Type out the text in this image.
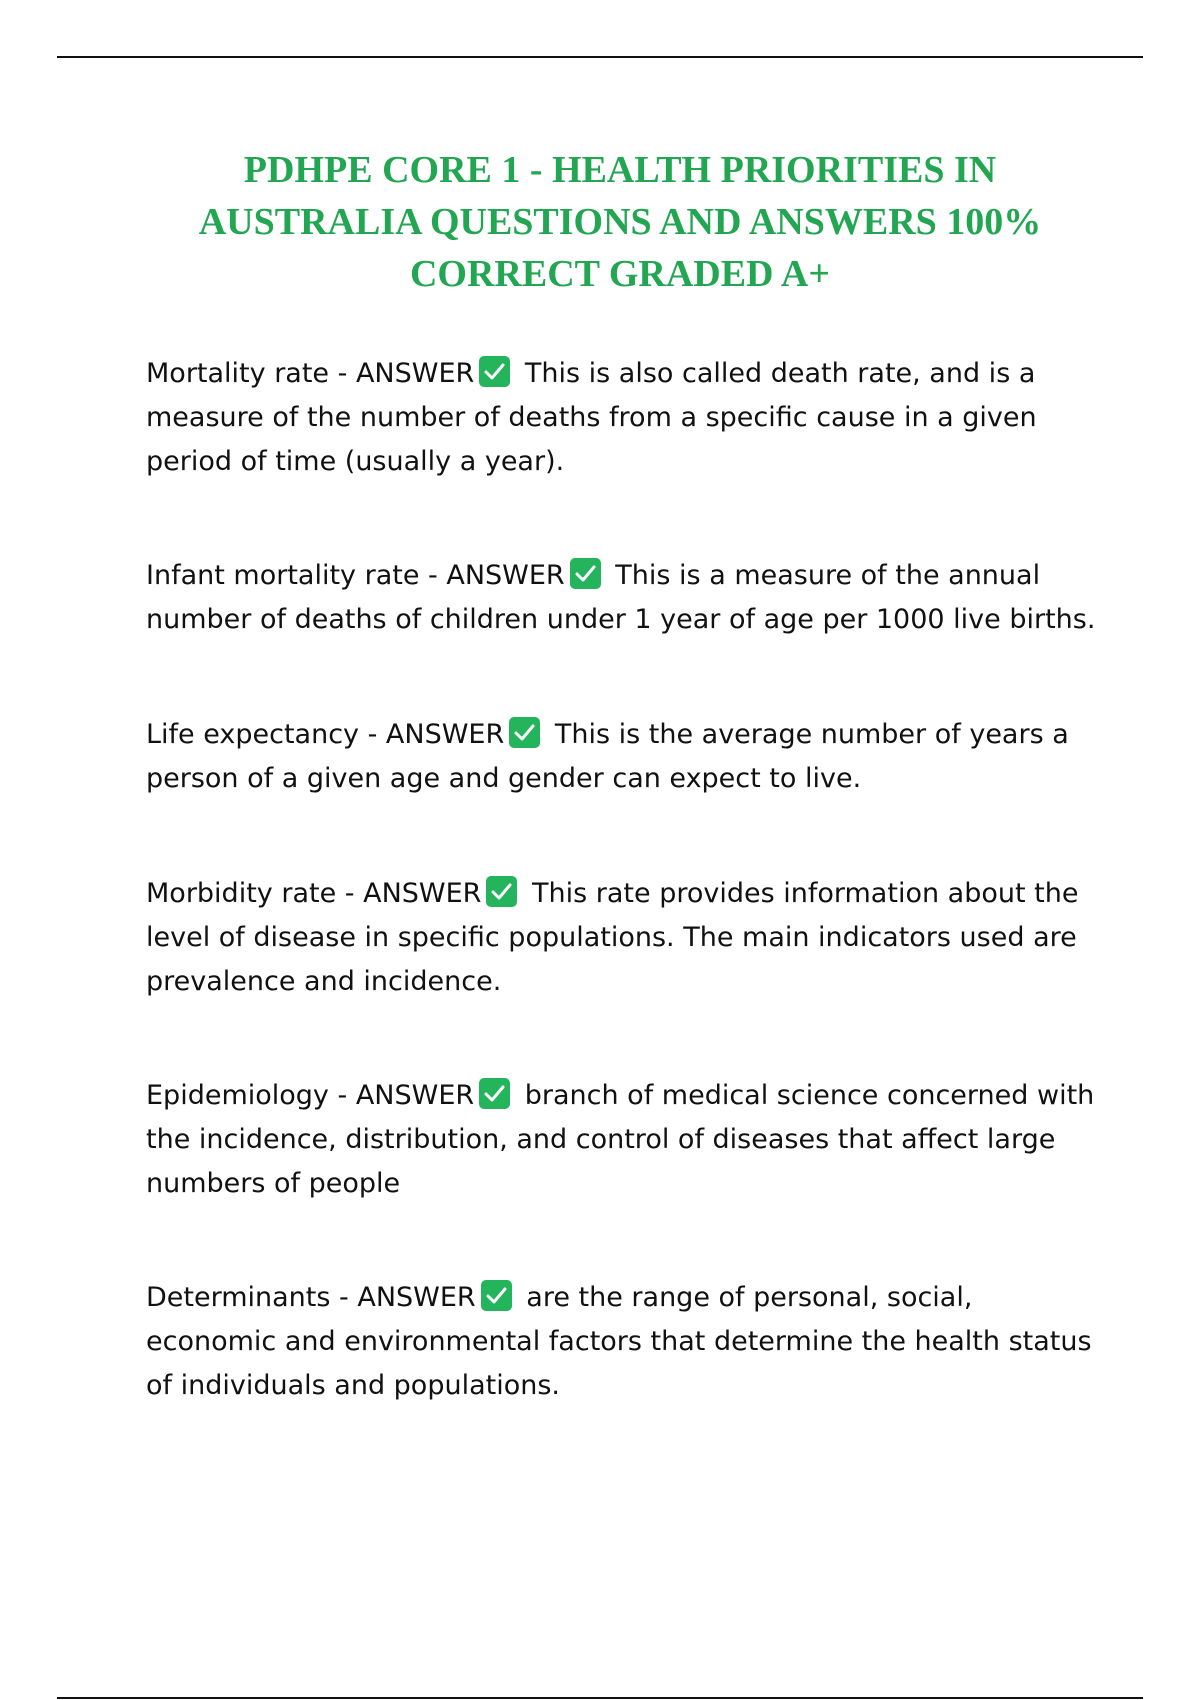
PDHPE CORE 1 - HEALTH PRIORITIES IN
AUSTRALIA QUESTIONS AND ANSWERS 100%
CORRECT GRADED A+

Mortality rate - ANSWER This is also called death rate, and is a measure of the number of deaths from a specific cause in a given period of time (usually a year).

Infant mortality rate - ANSWER This is a measure of the annual number of deaths of children under 1 year of age per 1000 live births.

Life expectancy - ANSWER This is the average number of years a person of a given age and gender can expect to live.

Morbidity rate - ANSWER This rate provides information about the level of disease in specific populations. The main indicators used are prevalence and incidence.

Epidemiology - ANSWER branch of medical science concerned with the incidence, distribution, and control of diseases that affect large numbers of people

Determinants - ANSWER are the range of personal, social, economic and environmental factors that determine the health status of individuals and populations.
